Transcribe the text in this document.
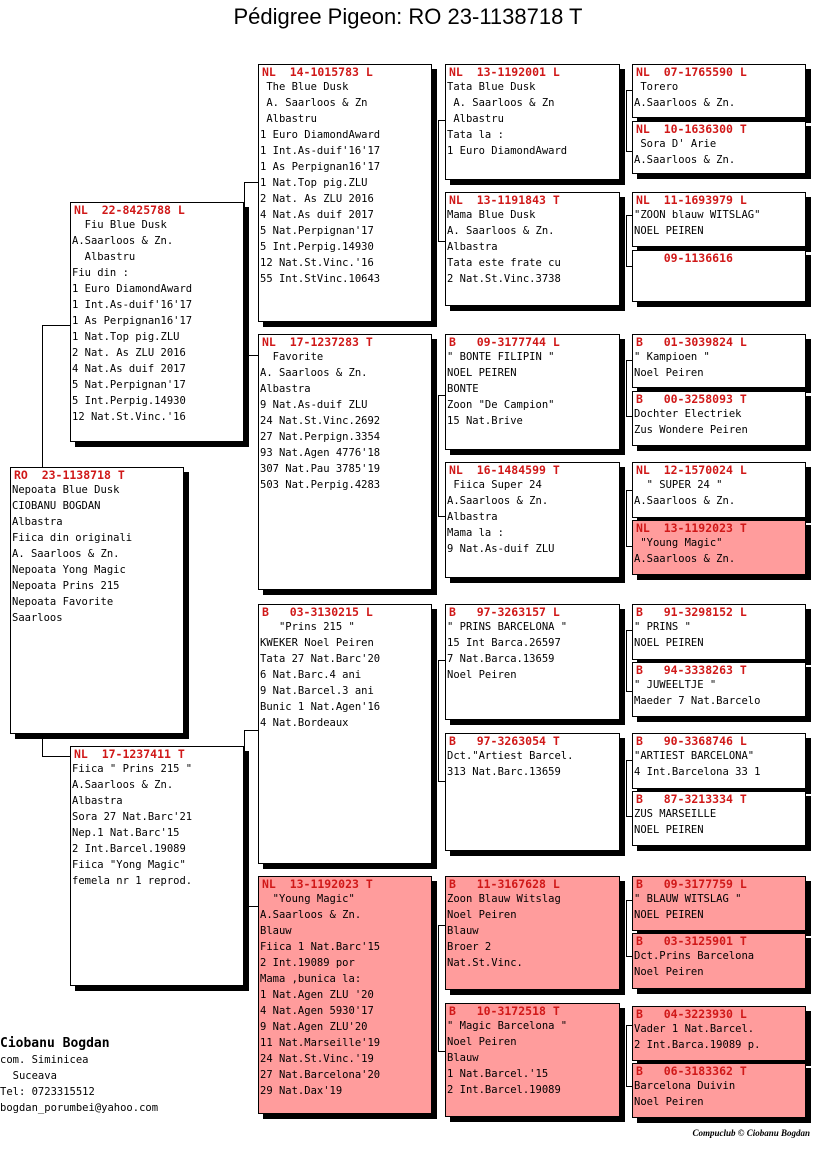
Pédigree Pigeon: RO 23-1138718 T
RO  23-1138718 T
Nepoata Blue Dusk
CIOBANU BOGDAN
Albastra
Fiica din originali
A. Saarloos & Zn.
Nepoata Yong Magic
Nepoata Prins 215
Nepoata Favorite
Saarloos
NL  22-8425788 L
Fiu Blue Dusk
A.Saarloos & Zn.
Albastru
Fiu din :
1 Euro DiamondAward
1 Int.As-duif'16'17
1 As Perpignan16'17
1 Nat.Top pig.ZLU
2 Nat. As ZLU 2016
4 Nat.As duif 2017
5 Nat.Perpignan'17
5 Int.Perpig.14930
12 Nat.St.Vinc.'16
NL  17-1237411 T
Fiica " Prins 215 "
A.Saarloos & Zn.
Albastra
Sora 27 Nat.Barc'21
Nep.1 Nat.Barc'15
2 Int.Barcel.19089
Fiica "Yong Magic"
femela nr 1 reprod.
NL  14-1015783 L
The Blue Dusk
A. Saarloos & Zn
Albastru
1 Euro DiamondAward
1 Int.As-duif'16'17
1 As Perpignan16'17
1 Nat.Top pig.ZLU
2 Nat. As ZLU 2016
4 Nat.As duif 2017
5 Nat.Perpignan'17
5 Int.Perpig.14930
12 Nat.St.Vinc.'16
55 Int.StVinc.10643
NL  17-1237283 T
Favorite
A. Saarloos & Zn.
Albastra
9 Nat.As-duif ZLU
24 Nat.St.Vinc.2692
27 Nat.Perpign.3354
93 Nat.Agen 4776'18
307 Nat.Pau 3785'19
503 Nat.Perpig.4283
B   03-3130215 L
"Prins 215 "
KWEKER Noel Peiren
Tata 27 Nat.Barc'20
6 Nat.Barc.4 ani
9 Nat.Barcel.3 ani
Bunic 1 Nat.Agen'16
4 Nat.Bordeaux
NL  13-1192023 T
"Young Magic"
A.Saarloos & Zn.
Blauw
Fiica 1 Nat.Barc'15
2 Int.19089 por
Mama ,bunica la:
1 Nat.Agen ZLU '20
4 Nat.Agen 5930'17
9 Nat.Agen ZLU'20
11 Nat.Marseille'19
24 Nat.St.Vinc.'19
27 Nat.Barcelona'20
29 Nat.Dax'19
NL  13-1192001 L
Tata Blue Dusk
A. Saarloos & Zn
Albastru
Tata la :
1 Euro DiamondAward
NL  13-1191843 T
Mama Blue Dusk
A. Saarloos & Zn.
Albastra
Tata este frate cu
2 Nat.St.Vinc.3738
B   09-3177744 L
" BONTE FILIPIN "
NOEL PEIREN
BONTE
Zoon "De Campion"
15 Nat.Brive
NL  16-1484599 T
Fiica Super 24
A.Saarloos & Zn.
Albastra
Mama la :
9 Nat.As-duif ZLU
B   97-3263157 L
" PRINS BARCELONA "
15 Int Barca.26597
7 Nat.Barca.13659
Noel Peiren
B   97-3263054 T
Dct."Artiest Barcel.
313 Nat.Barc.13659
B   11-3167628 L
Zoon Blauw Witslag
Noel Peiren
Blauw
Broer 2
Nat.St.Vinc.
B   10-3172518 T
" Magic Barcelona "
Noel Peiren
Blauw
1 Nat.Barcel.'15
2 Int.Barcel.19089
NL  07-1765590 L
Torero
A.Saarloos & Zn.
NL  10-1636300 T
Sora D' Arie
A.Saarloos & Zn.
NL  11-1693979 L
"ZOON blauw WITSLAG"
NOEL PEIREN
09-1136616
B   01-3039824 L
" Kampioen "
Noel Peiren
B   00-3258093 T
Dochter Electriek
Zus Wondere Peiren
NL  12-1570024 L
" SUPER 24 "
A.Saarloos & Zn.
NL  13-1192023 T
"Young Magic"
A.Saarloos & Zn.
B   91-3298152 L
" PRINS "
NOEL PEIREN
B   94-3338263 T
" JUWEELTJE "
Maeder 7 Nat.Barcelo
B   90-3368746 L
"ARTIEST BARCELONA"
4 Int.Barcelona 33 1
B   87-3213334 T
ZUS MARSEILLE
NOEL PEIREN
B   09-3177759 L
" BLAUW WITSLAG "
NOEL PEIREN
B   03-3125901 T
Dct.Prins Barcelona
Noel Peiren
B   04-3223930 L
Vader 1 Nat.Barcel.
2 Int.Barca.19089 p.
B   06-3183362 T
Barcelona Duivin
Noel Peiren
Ciobanu Bogdan
com. Siminicea
Suceava
Tel: 0723315512
bogdan_porumbei@yahoo.com
Compuclub © Ciobanu Bogdan
